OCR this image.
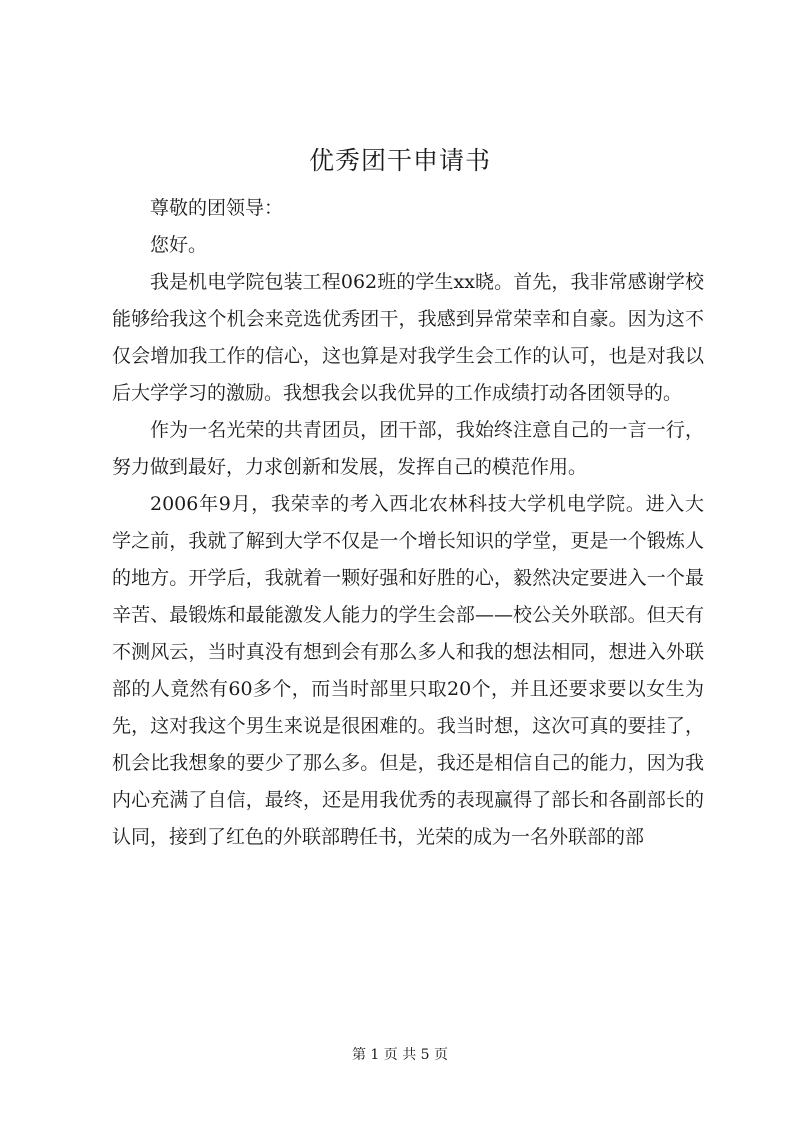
优秀团干申请书

尊敬的团领导：

您好。

我是机电学院包装工程062班的学生xx晓。首先，我非常感谢学校能够给我这个机会来竞选优秀团干，我感到异常荣幸和自豪。因为这不仅会增加我工作的信心，这也算是对我学生会工作的认可，也是对我以后大学学习的激励。我想我会以我优异的工作成绩打动各团领导的。

作为一名光荣的共青团员，团干部，我始终注意自己的一言一行，努力做到最好，力求创新和发展，发挥自己的模范作用。

2006年9月，我荣幸的考入西北农林科技大学机电学院。进入大学之前，我就了解到大学不仅是一个增长知识的学堂，更是一个锻炼人的地方。开学后，我就着一颗好强和好胜的心，毅然决定要进入一个最辛苦、最锻炼和最能激发人能力的学生会部——校公关外联部。但天有不测风云，当时真没有想到会有那么多人和我的想法相同，想进入外联部的人竟然有60多个，而当时部里只取20个，并且还要求要以女生为先，这对我这个男生来说是很困难的。我当时想，这次可真的要挂了，机会比我想象的要少了那么多。但是，我还是相信自己的能力，因为我内心充满了自信，最终，还是用我优秀的表现赢得了部长和各副部长的认同，接到了红色的外联部聘任书，光荣的成为一名外联部的部

第 1 页 共 5 页
